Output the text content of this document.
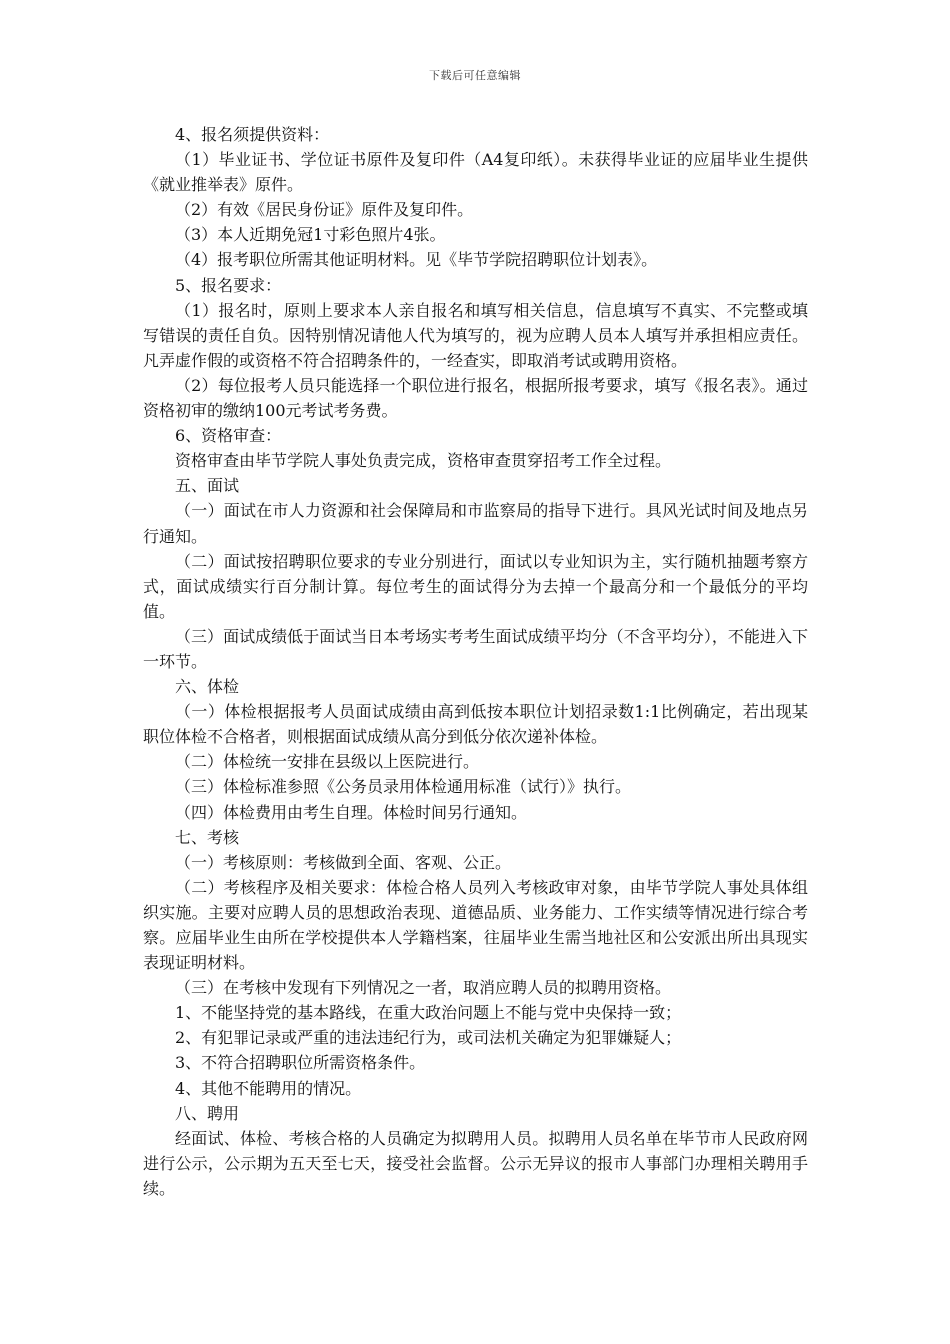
下载后可任意编辑

4、报名须提供资料：

（1）毕业证书、学位证书原件及复印件（A4复印纸）。未获得毕业证的应届毕业生提供《就业推举表》原件。

（2）有效《居民身份证》原件及复印件。

（3）本人近期免冠1寸彩色照片4张。

（4）报考职位所需其他证明材料。见《毕节学院招聘职位计划表》。

5、报名要求：

（1）报名时，原则上要求本人亲自报名和填写相关信息，信息填写不真实、不完整或填写错误的责任自负。因特别情况请他人代为填写的，视为应聘人员本人填写并承担相应责任。凡弄虚作假的或资格不符合招聘条件的，一经查实，即取消考试或聘用资格。

（2）每位报考人员只能选择一个职位进行报名，根据所报考要求，填写《报名表》。通过资格初审的缴纳100元考试考务费。

6、资格审查：

资格审查由毕节学院人事处负责完成，资格审查贯穿招考工作全过程。

五、面试

（一）面试在市人力资源和社会保障局和市监察局的指导下进行。具风光试时间及地点另行通知。

（二）面试按招聘职位要求的专业分别进行，面试以专业知识为主，实行随机抽题考察方式，面试成绩实行百分制计算。每位考生的面试得分为去掉一个最高分和一个最低分的平均值。

（三）面试成绩低于面试当日本考场实考考生面试成绩平均分（不含平均分），不能进入下一环节。

六、体检

（一）体检根据报考人员面试成绩由高到低按本职位计划招录数1:1比例确定，若出现某职位体检不合格者，则根据面试成绩从高分到低分依次递补体检。

（二）体检统一安排在县级以上医院进行。

（三）体检标准参照《公务员录用体检通用标准（试行）》执行。

（四）体检费用由考生自理。体检时间另行通知。

七、考核

（一）考核原则：考核做到全面、客观、公正。

（二）考核程序及相关要求：体检合格人员列入考核政审对象，由毕节学院人事处具体组织实施。主要对应聘人员的思想政治表现、道德品质、业务能力、工作实绩等情况进行综合考察。应届毕业生由所在学校提供本人学籍档案，往届毕业生需当地社区和公安派出所出具现实表现证明材料。

（三）在考核中发现有下列情况之一者，取消应聘人员的拟聘用资格。

1、不能坚持党的基本路线，在重大政治问题上不能与党中央保持一致；

2、有犯罪记录或严重的违法违纪行为，或司法机关确定为犯罪嫌疑人；

3、不符合招聘职位所需资格条件。

4、其他不能聘用的情况。

八、聘用

经面试、体检、考核合格的人员确定为拟聘用人员。拟聘用人员名单在毕节市人民政府网进行公示，公示期为五天至七天，接受社会监督。公示无异议的报市人事部门办理相关聘用手续。
